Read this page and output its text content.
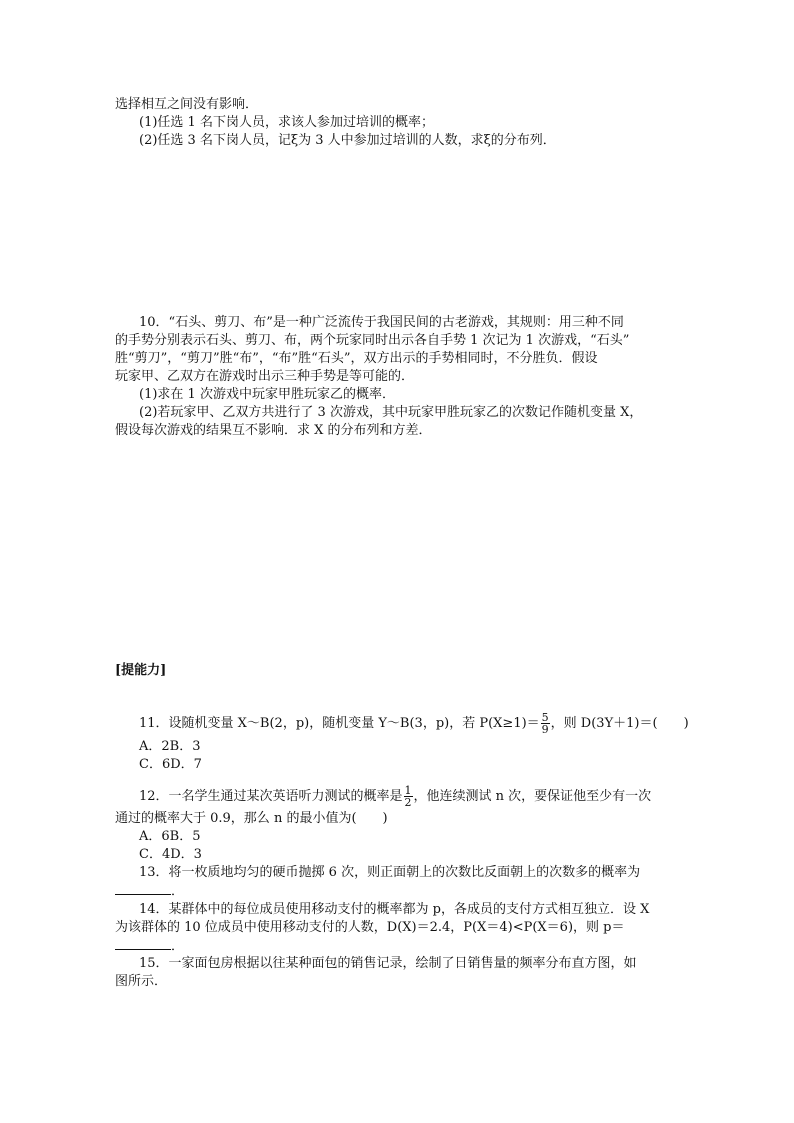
选择相互之间没有影响．
(1)任选 1 名下岗人员，求该人参加过培训的概率；
(2)任选 3 名下岗人员，记ξ为 3 人中参加过培训的人数，求ξ的分布列．
10．“石头、剪刀、布”是一种广泛流传于我国民间的古老游戏，其规则：用三种不同
的手势分别表示石头、剪刀、布，两个玩家同时出示各自手势 1 次记为 1 次游戏，“石头”
胜“剪刀”，“剪刀”胜“布”，“布”胜“石头”，双方出示的手势相同时，不分胜负．假设
玩家甲、乙双方在游戏时出示三种手势是等可能的．
(1)求在 1 次游戏中玩家甲胜玩家乙的概率．
(2)若玩家甲、乙双方共进行了 3 次游戏，其中玩家甲胜玩家乙的次数记作随机变量 X，
假设每次游戏的结果互不影响．求 X 的分布列和方差．
[提能力]
11．设随机变量 X～B(2，p)，随机变量 Y～B(3，p)，若 $P(X\ge 1)= \frac{5}{9}$ ，则 D(3Y＋1)＝(　　)
A．2B．3
C．6D．7
12．一名学生通过某次英语听力测试的概率是 $\frac{1}{2}$ ，他连续测试 n 次，要保证他至少有一次
通过的概率大于 0.9，那么 n 的最小值为(　　)
A．6B．5
C．4D．3
13．将一枚质地均匀的硬币抛掷 6 次，则正面朝上的次数比反面朝上的次数多的概率为
．
14．某群体中的每位成员使用移动支付的概率都为 p，各成员的支付方式相互独立．设 X
为该群体的 10 位成员中使用移动支付的人数，D(X)＝2.4，P(X＝4)<P(X＝6)，则 p＝
．
15．一家面包房根据以往某种面包的销售记录，绘制了日销售量的频率分布直方图，如
图所示．
